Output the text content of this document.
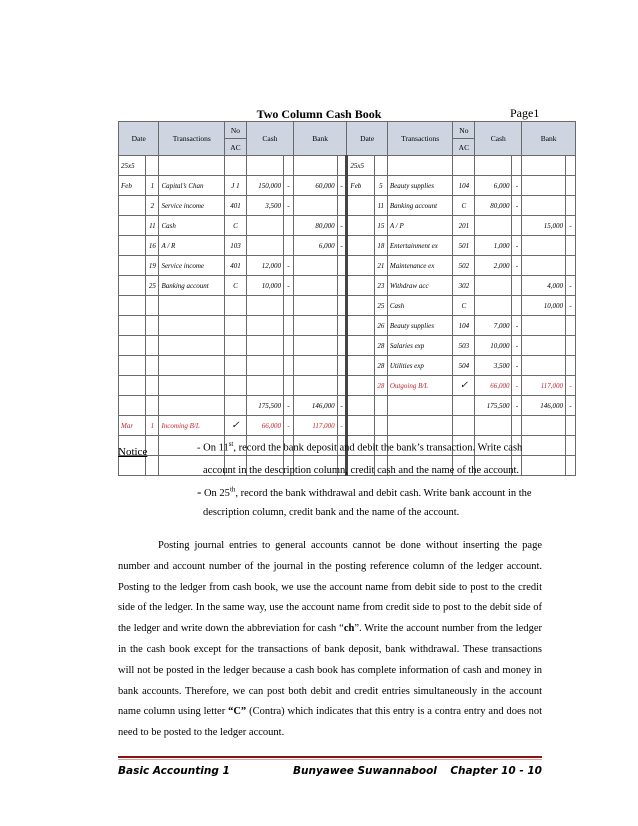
Two Column Cash Book	Page1
Date		Transactions	No	Cash		Bank		Date		Transactions	No	Cash		Bank	
			AC								AC				
25x5								25x5							
Feb	1	Capital’s Chan	J 1	150,000	-	60,000	-	Feb	5	Beauty supplies	104	6,000	-		
	2	Service income	401	3,500	-				11	Banking account	C	80,000	-		
	11	Cash	C			80,000	-		15	A / P	201			15,000	-
	16	A / R	103			6,000	-		18	Entertainment ex	501	1,000	-		
	19	Service income	401	12,000	-				21	Maintenance ex	502	2,000	-		
	25	Banking account	C	10,000	-				23	Withdraw acc	302			4,000	-
									25	Cash	C			10,000	-
									26	Beauty supplies	104	7,000	-		
									28	Salaries exp	503	10,000	-		
									28	Utilities exp	504	3,500	-		
									28	Outgoing B/L	✓	66,000	-	117,000	-
				175,500	-	146,000	-					175,500	-	146,000	-
Mar	1	Incoming B/L	✓	66,000	-	117,000	-								

Notice	- On 11st, record the bank deposit and debit the bank’s transaction. Write cash
account in the description column, credit cash and the name of the account.
- On 25th, record the bank withdrawal and debit cash. Write bank account in the
description column, credit bank and the name of the account.
Posting journal entries to general accounts cannot be done without inserting the page number and account number of the journal in the posting reference column of the ledger account. Posting to the ledger from cash book, we use the account name from debit side to post to the credit side of the ledger. In the same way, use the account name from credit side to post to the debit side of the ledger and write down the abbreviation for cash “ch”. Write the account number from the ledger in the cash book except for the transactions of bank deposit, bank withdrawal. These transactions will not be posted in the ledger because a cash book has complete information of cash and money in bank accounts. Therefore, we can post both debit and credit entries simultaneously in the account name column using letter “C” (Contra) which indicates that this entry is a contra entry and does not need to be posted to the ledger account.
Basic Accounting 1	Bunyawee Suwannabool Chapter 10 - 10
